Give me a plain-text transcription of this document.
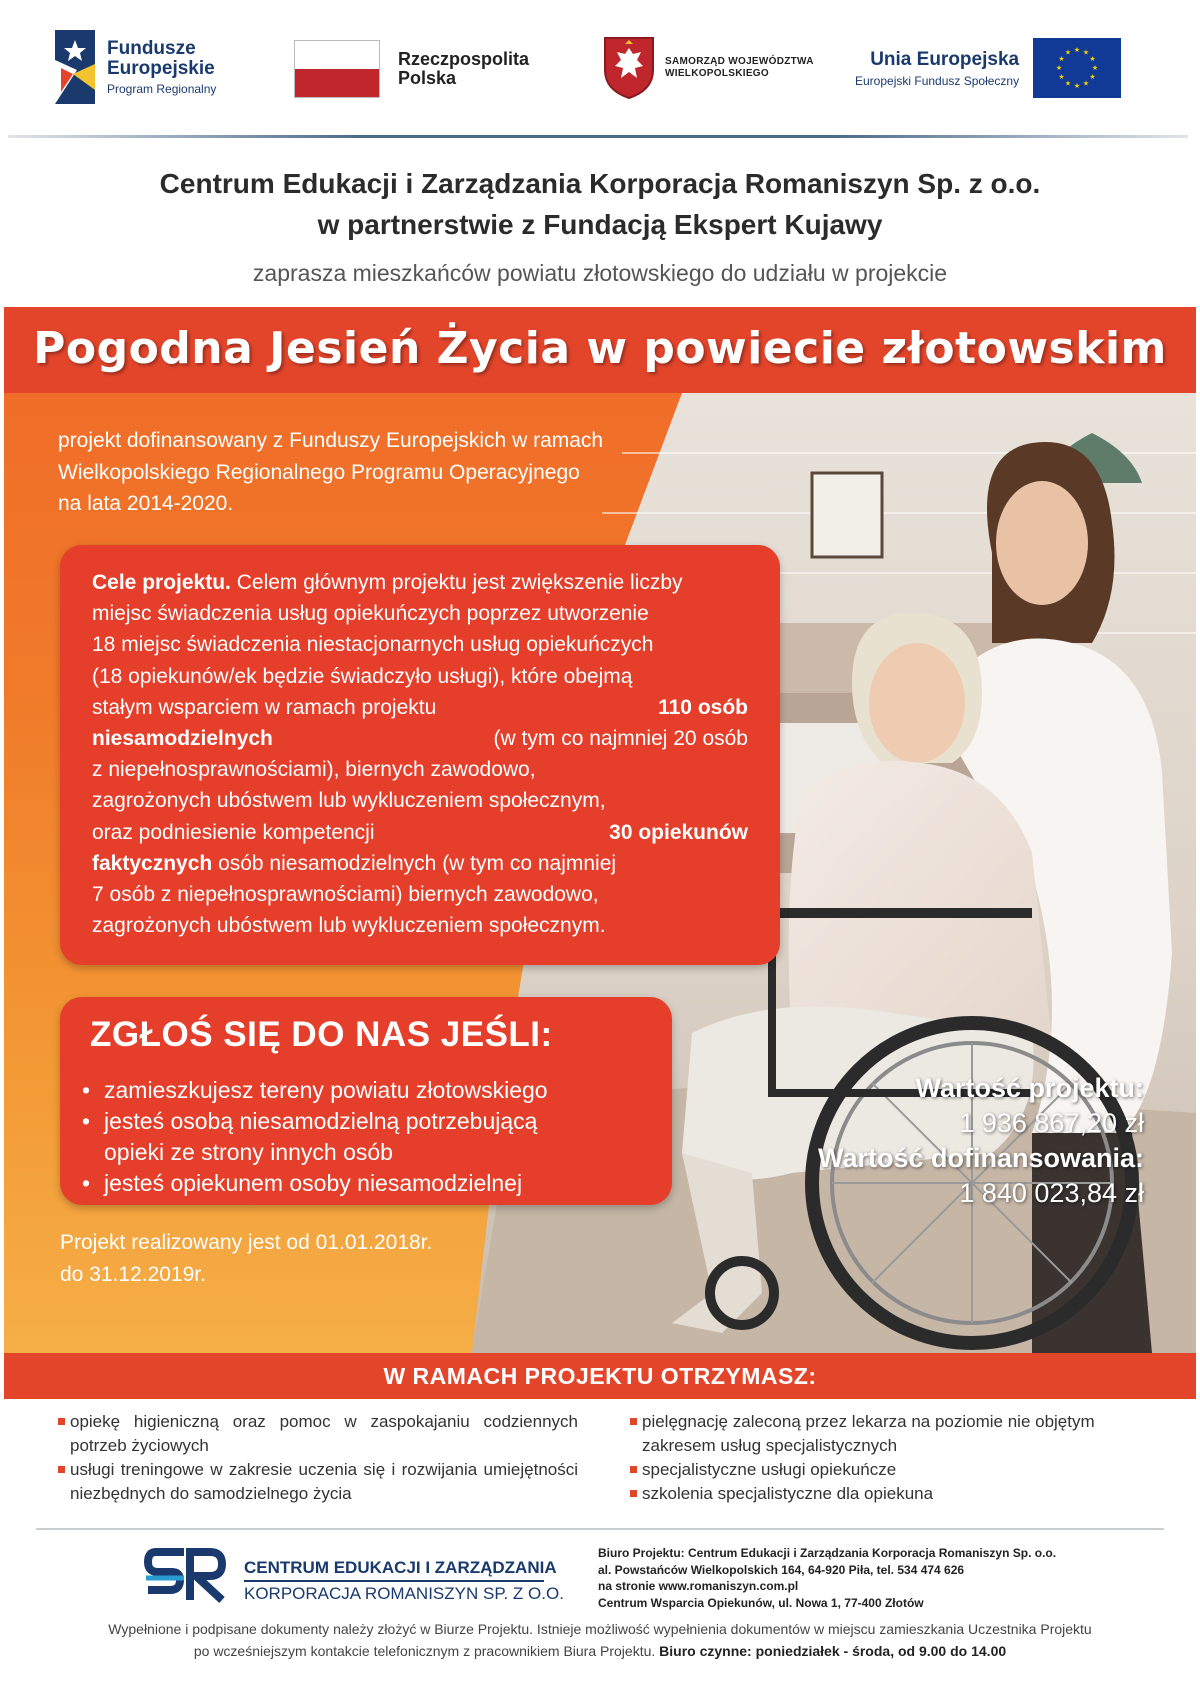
Fundusze
Europejskie
Program Regionalny
Rzeczpospolita
Polska
SAMORZĄD WOJEWÓDZTWA
WIELKOPOLSKIEGO
Unia Europejska
Europejski Fundusz Społeczny
★ ★
★
★
★
★
★
★
★
★
★
★
Centrum Edukacji i Zarządzania Korporacja Romaniszyn Sp. z o.o.
w partnerstwie z Fundacją Ekspert Kujawy
zaprasza mieszkańców powiatu złotowskiego do udziału w projekcie
Pogodna Jesień Życia w powiecie złotowskim
projekt dofinansowany z Funduszy Europejskich w ramach
Wielkopolskiego Regionalnego Programu Operacyjnego
na lata 2014-2020.
Cele projektu. Celem głównym projektu jest zwiększenie liczby
miejsc świadczenia usług opiekuńczych poprzez utworzenie
18 miejsc świadczenia niestacjonarnych usług opiekuńczych
(18 opiekunów/ek będzie świadczyło usługi), które obejmą
stałym wsparciem w ramach projektu	110 osób
niesamodzielnych	(w tym co najmniej 20 osób
z niepełnosprawnościami), biernych zawodowo,
zagrożonych ubóstwem lub wykluczeniem społecznym,
oraz podniesienie kompetencji	30 opiekunów
faktycznych
osób niesamodzielnych (w tym co najmniej
7 osób z niepełnosprawnościami) biernych zawodowo,
zagrożonych ubóstwem lub wykluczeniem społecznym.
ZGŁOŚ SIĘ DO NAS JEŚLI:
• zamieszkujesz tereny powiatu złotowskiego
• jesteś osobą niesamodzielną potrzebującą
opieki ze strony innych osób
• jesteś opiekunem osoby niesamodzielnej
Projekt realizowany jest od 01.01.2018r.
do 31.12.2019r.
Wartość projektu:
1 936 867,20 zł
Wartość dofinansowania:
1 840 023,84 zł
W RAMACH PROJEKTU OTRZYMASZ:
opiekę higieniczną oraz pomoc w zaspokajaniu codziennych potrzeb życiowych
usługi treningowe w zakresie uczenia się i rozwijania umiejętności niezbędnych do samodzielnego życia
pielęgnację zaleconą przez lekarza na poziomie nie objętym zakresem usług specjalistycznych
specjalistyczne usługi opiekuńcze
szkolenia specjalistyczne dla opiekuna
CENTRUM EDUKACJI I ZARZĄDZANIA
KORPORACJA ROMANISZYN SP. Z O.O.
Biuro Projektu: Centrum Edukacji i Zarządzania Korporacja Romaniszyn Sp. o.o.
al. Powstańców Wielkopolskich 164, 64-920 Piła, tel. 534 474 626
na stronie www.romaniszyn.com.pl
Centrum Wsparcia Opiekunów, ul. Nowa 1, 77-400 Złotów
Wypełnione i podpisane dokumenty należy złożyć w Biurze Projektu. Istnieje możliwość wypełnienia dokumentów w miejscu zamieszkania Uczestnika Projektu
po wcześniejszym kontakcie telefonicznym z pracownikiem Biura Projektu. Biuro czynne: poniedziałek - środa, od 9.00 do 14.00
